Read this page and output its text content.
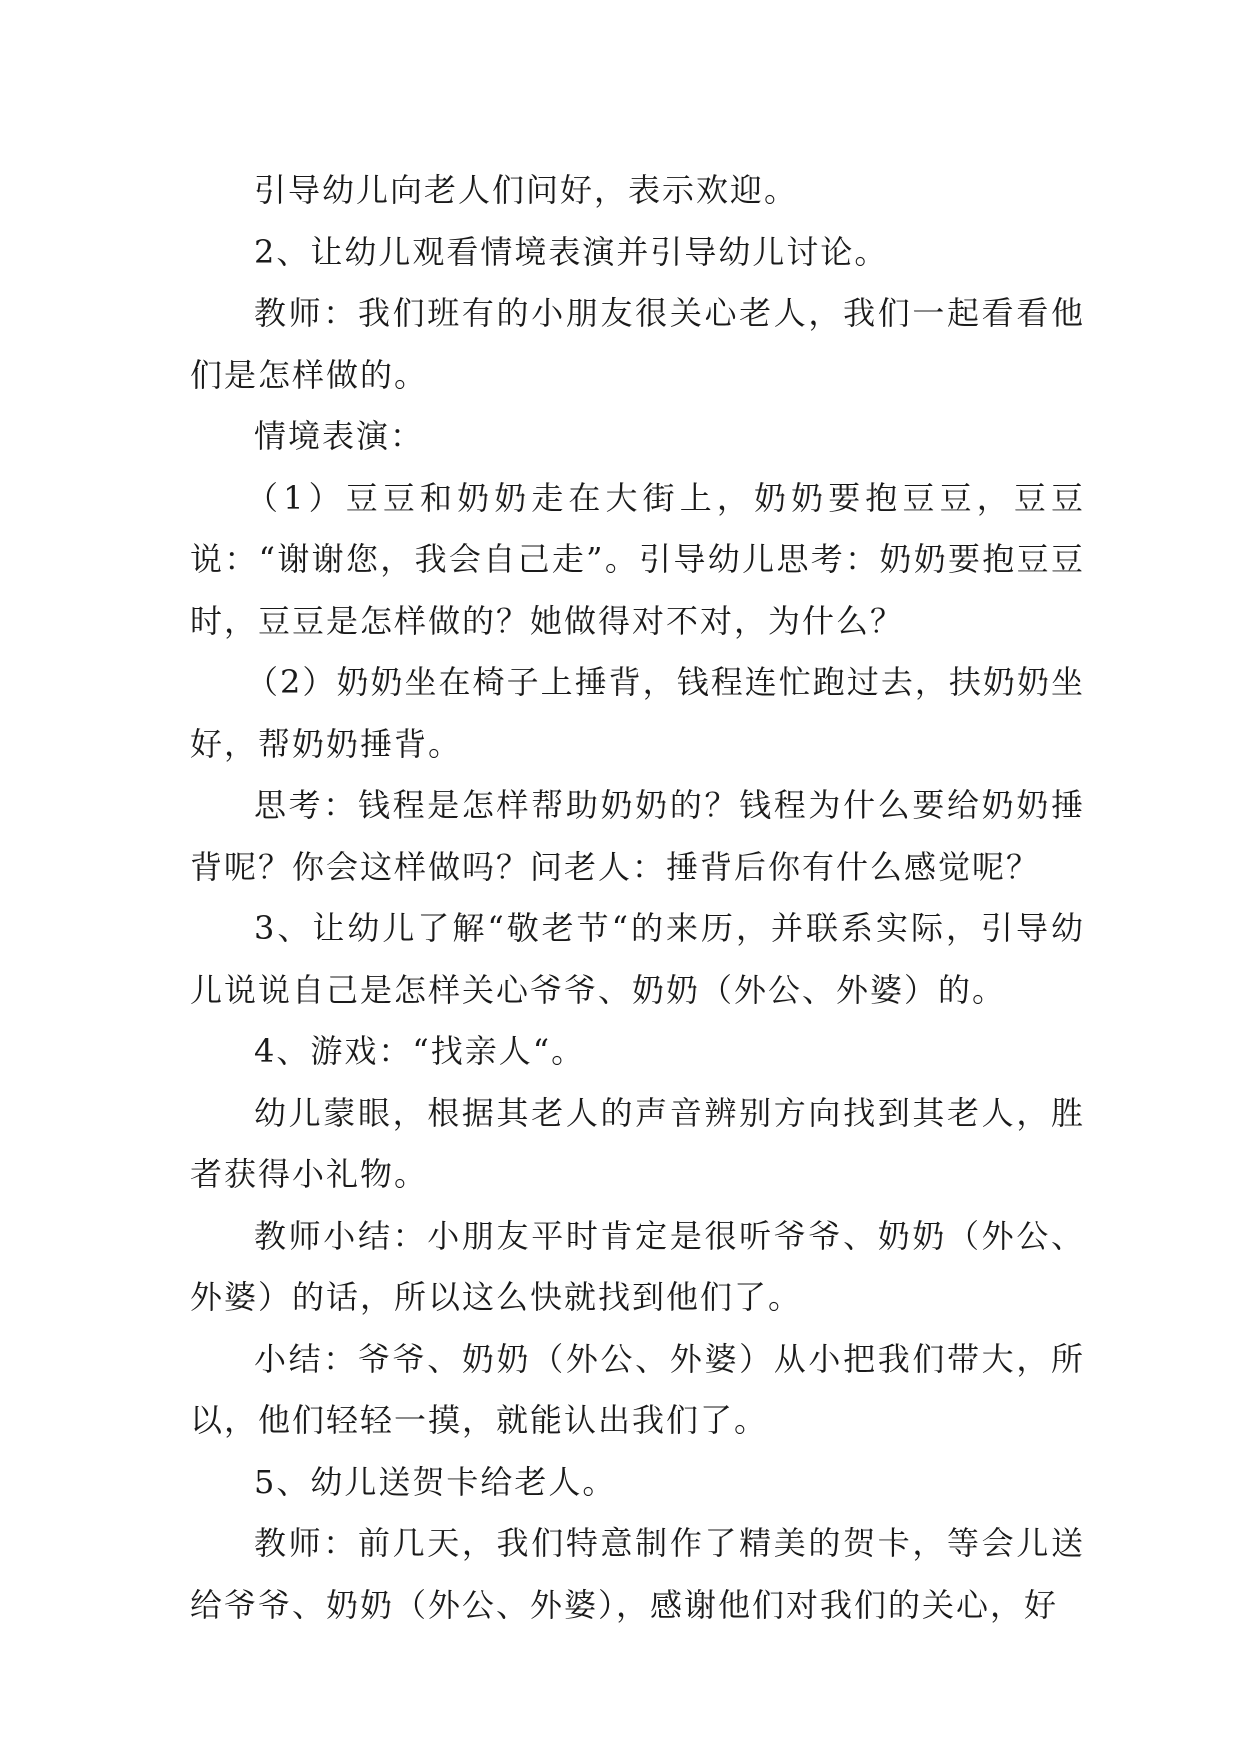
引导幼儿向老人们问好，表示欢迎。

2、让幼儿观看情境表演并引导幼儿讨论。

教师：我们班有的小朋友很关心老人，我们一起看看他们是怎样做的。

情境表演：

（1）豆豆和奶奶走在大街上，奶奶要抱豆豆，豆豆说：“谢谢您，我会自己走”。引导幼儿思考：奶奶要抱豆豆时，豆豆是怎样做的？她做得对不对，为什么？

（2）奶奶坐在椅子上捶背，钱程连忙跑过去，扶奶奶坐好，帮奶奶捶背。

思考：钱程是怎样帮助奶奶的？钱程为什么要给奶奶捶背呢？你会这样做吗？问老人：捶背后你有什么感觉呢？

3、让幼儿了解“敬老节“的来历，并联系实际，引导幼儿说说自己是怎样关心爷爷、奶奶（外公、外婆）的。

4、游戏：“找亲人“。

幼儿蒙眼，根据其老人的声音辨别方向找到其老人，胜者获得小礼物。

教师小结：小朋友平时肯定是很听爷爷、奶奶（外公、外婆）的话，所以这么快就找到他们了。

小结：爷爷、奶奶（外公、外婆）从小把我们带大，所以，他们轻轻一摸，就能认出我们了。

5、幼儿送贺卡给老人。

教师：前几天，我们特意制作了精美的贺卡，等会儿送给爷爷、奶奶（外公、外婆），感谢他们对我们的关心，好
